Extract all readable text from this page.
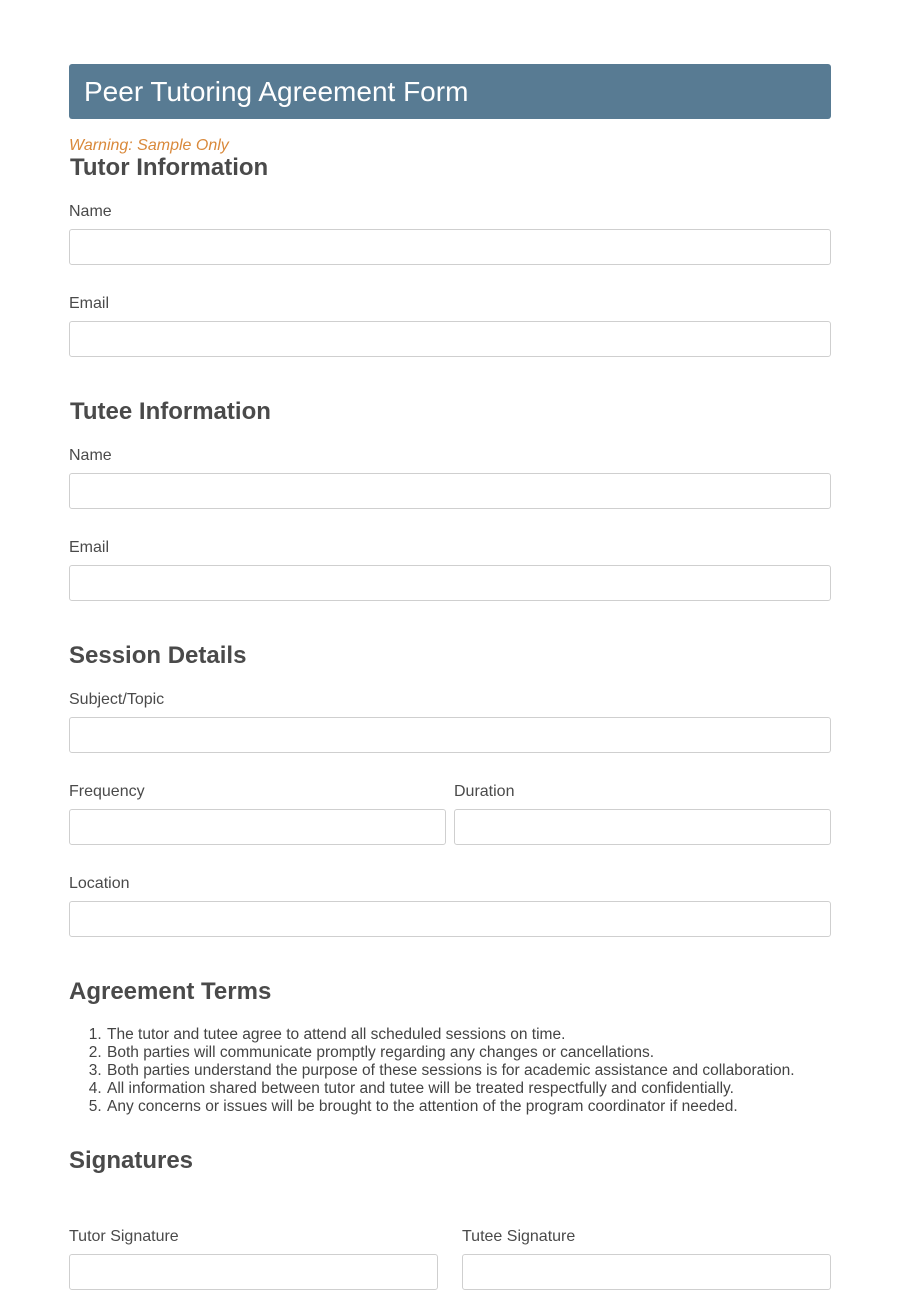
Peer Tutoring Agreement Form
Warning: Sample Only
Tutor Information
Name
Email
Tutee Information
Name
Email
Session Details
Subject/Topic
Frequency	Duration
Location
Agreement Terms
1. The tutor and tutee agree to attend all scheduled sessions on time.
2. Both parties will communicate promptly regarding any changes or cancellations.
3. Both parties understand the purpose of these sessions is for academic assistance and collaboration.
4. All information shared between tutor and tutee will be treated respectfully and confidentially.
5. Any concerns or issues will be brought to the attention of the program coordinator if needed.
Signatures
Tutor Signature	Tutee Signature
